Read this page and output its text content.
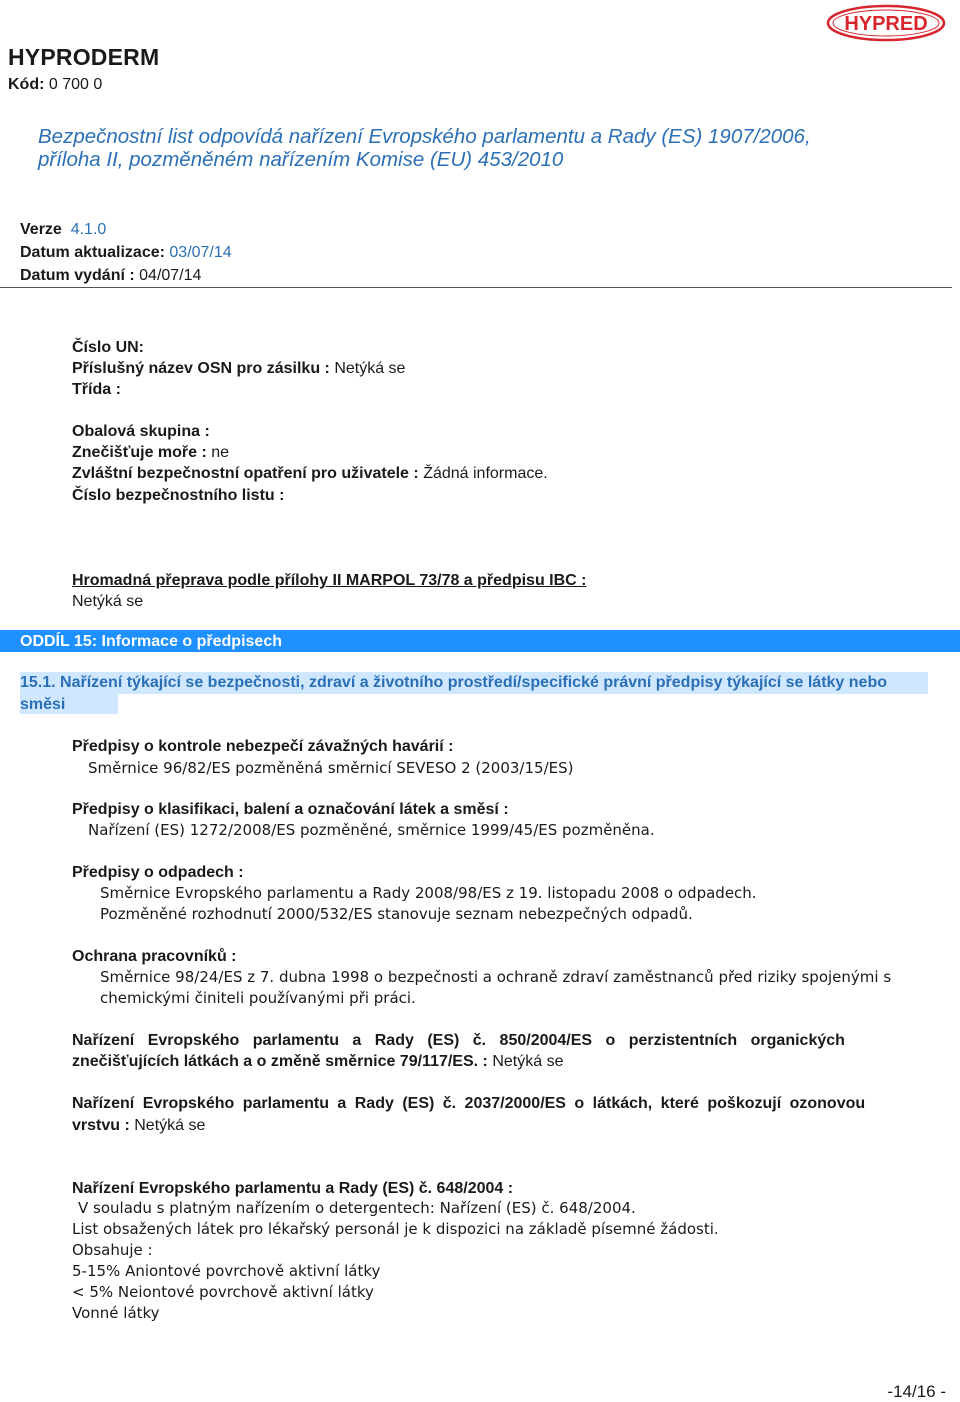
HYPRODERM
Kód: 0 700 0
HYPRED
Bezpečnostní list odpovídá nařízení Evropského parlamentu a Rady (ES) 1907/2006,
příloha II, pozměněném nařízením Komise (EU) 453/2010
Verze 4.1.0
Datum aktualizace: 03/07/14
Datum vydání : 04/07/14
Číslo UN:
Příslušný název OSN pro zásilku : Netýká se
Třída :
Obalová skupina :
Znečišťuje moře : ne
Zvláštní bezpečnostní opatření pro uživatele : Žádná informace.
Číslo bezpečnostního listu :
Hromadná přeprava podle přílohy II MARPOL 73/78 a předpisu IBC :
Netýká se
ODDÍL 15: Informace o předpisech
15.1. Nařízení týkající se bezpečnosti, zdraví a životního prostředí/specifické právní předpisy týkající se látky nebo
směsi
Předpisy o kontrole nebezpečí závažných havárií :
Směrnice 96/82/ES pozměněná směrnicí SEVESO 2 (2003/15/ES)
Předpisy o klasifikaci, balení a označování látek a směsí :
Nařízení (ES) 1272/2008/ES pozměněné, směrnice 1999/45/ES pozměněna.
Předpisy o odpadech :
Směrnice Evropského parlamentu a Rady 2008/98/ES z 19. listopadu 2008 o odpadech.
Pozměněné rozhodnutí 2000/532/ES stanovuje seznam nebezpečných odpadů.
Ochrana pracovníků :
Směrnice 98/24/ES z 7. dubna 1998 o bezpečnosti a ochraně zdraví zaměstnanců před riziky spojenými s
chemickými činiteli používanými při práci.
Nařízení Evropského parlamentu a Rady (ES) č. 850/2004/ES o perzistentních organických
znečišťujících látkách a o změně směrnice 79/117/ES. : Netýká se
Nařízení Evropského parlamentu a Rady (ES) č. 2037/2000/ES o látkách, které poškozují ozonovou
vrstvu : Netýká se
Nařízení Evropského parlamentu a Rady (ES) č. 648/2004 :
V souladu s platným nařízením o detergentech: Nařízení (ES) č. 648/2004.
List obsažených látek pro lékařský personál je k dispozici na základě písemné žádosti.
Obsahuje :
5-15% Aniontové povrchově aktivní látky
< 5% Neiontové povrchově aktivní látky
Vonné látky
-14/16 -
